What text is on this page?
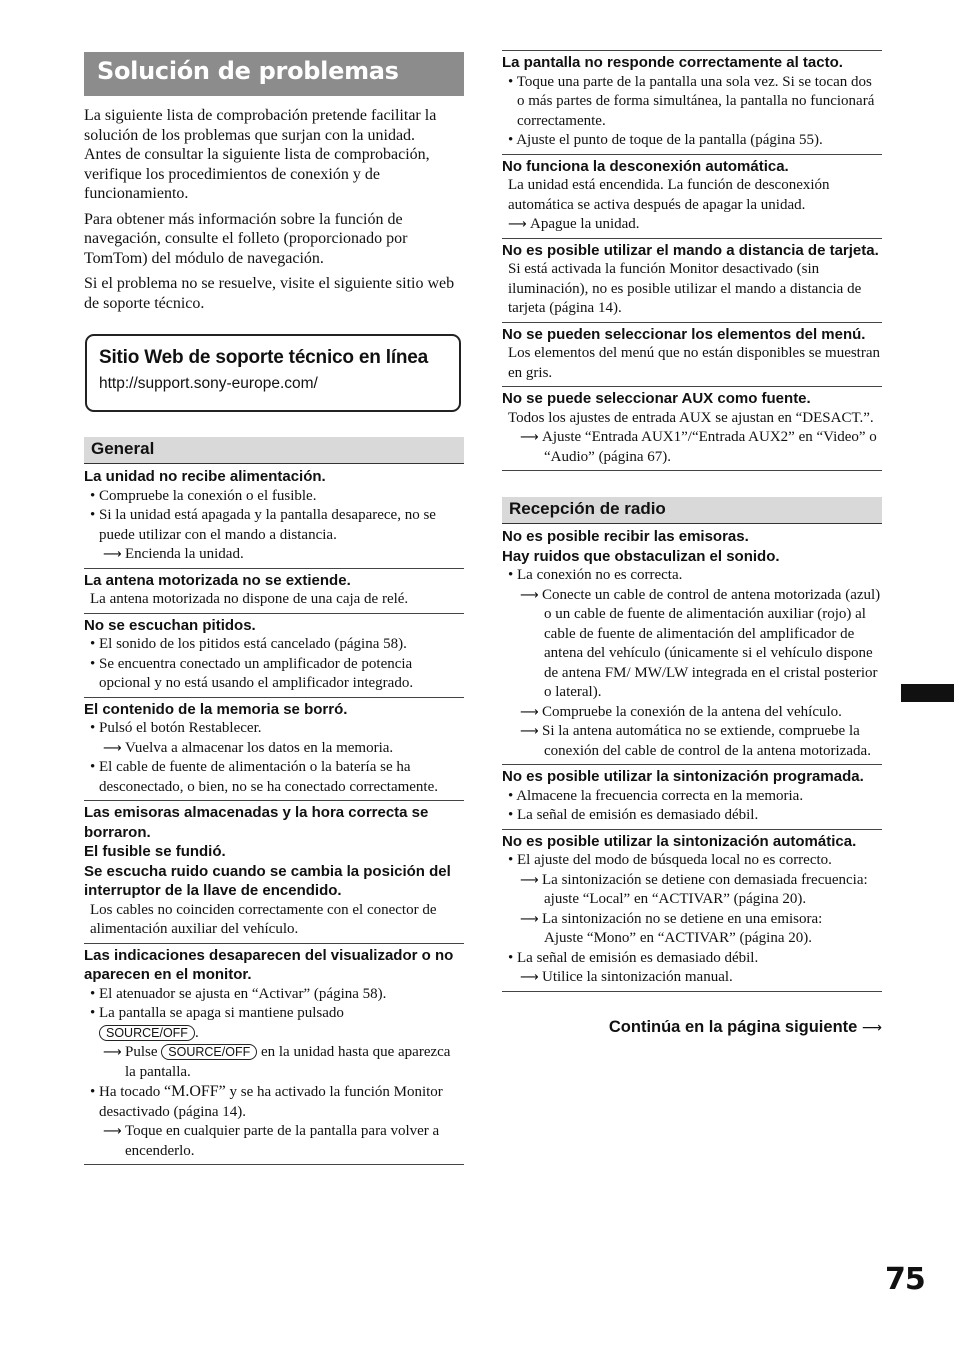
Solución de problemas

La siguiente lista de comprobación pretende facilitar la solución de los problemas que surjan con la unidad.

Antes de consultar la siguiente lista de comprobación, verifique los procedimientos de conexión y de funcionamiento.

Para obtener más información sobre la función de navegación, consulte el folleto (proporcionado por TomTom) del módulo de navegación.

Si el problema no se resuelve, visite el siguiente sitio web de soporte técnico.

Sitio Web de soporte técnico en línea
http://support.sony-europe.com/
General
La unidad no recibe alimentación.
• Compruebe la conexión o el fusible.
• Si la unidad está apagada y la pantalla desaparece, no se puede utilizar con el mando a distancia.
⟶ Encienda la unidad.
La antena motorizada no se extiende.
La antena motorizada no dispone de una caja de relé.
No se escuchan pitidos.
• El sonido de los pitidos está cancelado (página 58).
• Se encuentra conectado un amplificador de potencia opcional y no está usando el amplificador integrado.
El contenido de la memoria se borró.
• Pulsó el botón Restablecer.
⟶ Vuelva a almacenar los datos en la memoria.
• El cable de fuente de alimentación o la batería se ha desconectado, o bien, no se ha conectado correctamente.
Las emisoras almacenadas y la hora correcta se borraron.
El fusible se fundió.
Se escucha ruido cuando se cambia la posición del interruptor de la llave de encendido.
Los cables no coinciden correctamente con el conector de alimentación auxiliar del vehículo.
Las indicaciones desaparecen del visualizador o no aparecen en el monitor.
• El atenuador se ajusta en “Activar” (página 58).
• La pantalla se apaga si mantiene pulsado
SOURCE/OFF .
⟶ Pulse SOURCE/OFF en la unidad hasta que aparezca la pantalla.
• Ha tocado “M.OFF” y se ha activado la función Monitor desactivado (página 14).
⟶ Toque en cualquier parte de la pantalla para volver a encenderlo.
La pantalla no responde correctamente al tacto.
• Toque una parte de la pantalla una sola vez. Si se tocan dos o más partes de forma simultánea, la pantalla no funcionará correctamente.
• Ajuste el punto de toque de la pantalla (página 55).
No funciona la desconexión automática.
La unidad está encendida. La función de desconexión automática se activa después de apagar la unidad.
⟶ Apague la unidad.
No es posible utilizar el mando a distancia de tarjeta.
Si está activada la función Monitor desactivado (sin iluminación), no es posible utilizar el mando a distancia de tarjeta (página 14).
No se pueden seleccionar los elementos del menú.
Los elementos del menú que no están disponibles se muestran en gris.
No se puede seleccionar AUX como fuente.
Todos los ajustes de entrada AUX se ajustan en “DESACT.”.
⟶ Ajuste “Entrada AUX1”/“Entrada AUX2” en “Video” o “Audio” (página 67).
Recepción de radio
No es posible recibir las emisoras.
Hay ruidos que obstaculizan el sonido.
• La conexión no es correcta.
⟶ Conecte un cable de control de antena motorizada (azul) o un cable de fuente de alimentación auxiliar (rojo) al cable de fuente de alimentación del amplificador de antena del vehículo (únicamente si el vehículo dispone de antena FM/ MW/LW integrada en el cristal posterior o lateral).
⟶ Compruebe la conexión de la antena del vehículo.
⟶ Si la antena automática no se extiende, compruebe la conexión del cable de control de la antena motorizada.
No es posible utilizar la sintonización programada.
• Almacene la frecuencia correcta en la memoria.
• La señal de emisión es demasiado débil.
No es posible utilizar la sintonización automática.
• El ajuste del modo de búsqueda local no es correcto.
⟶ La sintonización se detiene con demasiada frecuencia:
ajuste “Local” en “ACTIVAR” (página 20).
⟶ La sintonización no se detiene en una emisora:
Ajuste “Mono” en “ACTIVAR” (página 20).
• La señal de emisión es demasiado débil.
⟶ Utilice la sintonización manual.
Continúa en la página siguiente ⟶
75
